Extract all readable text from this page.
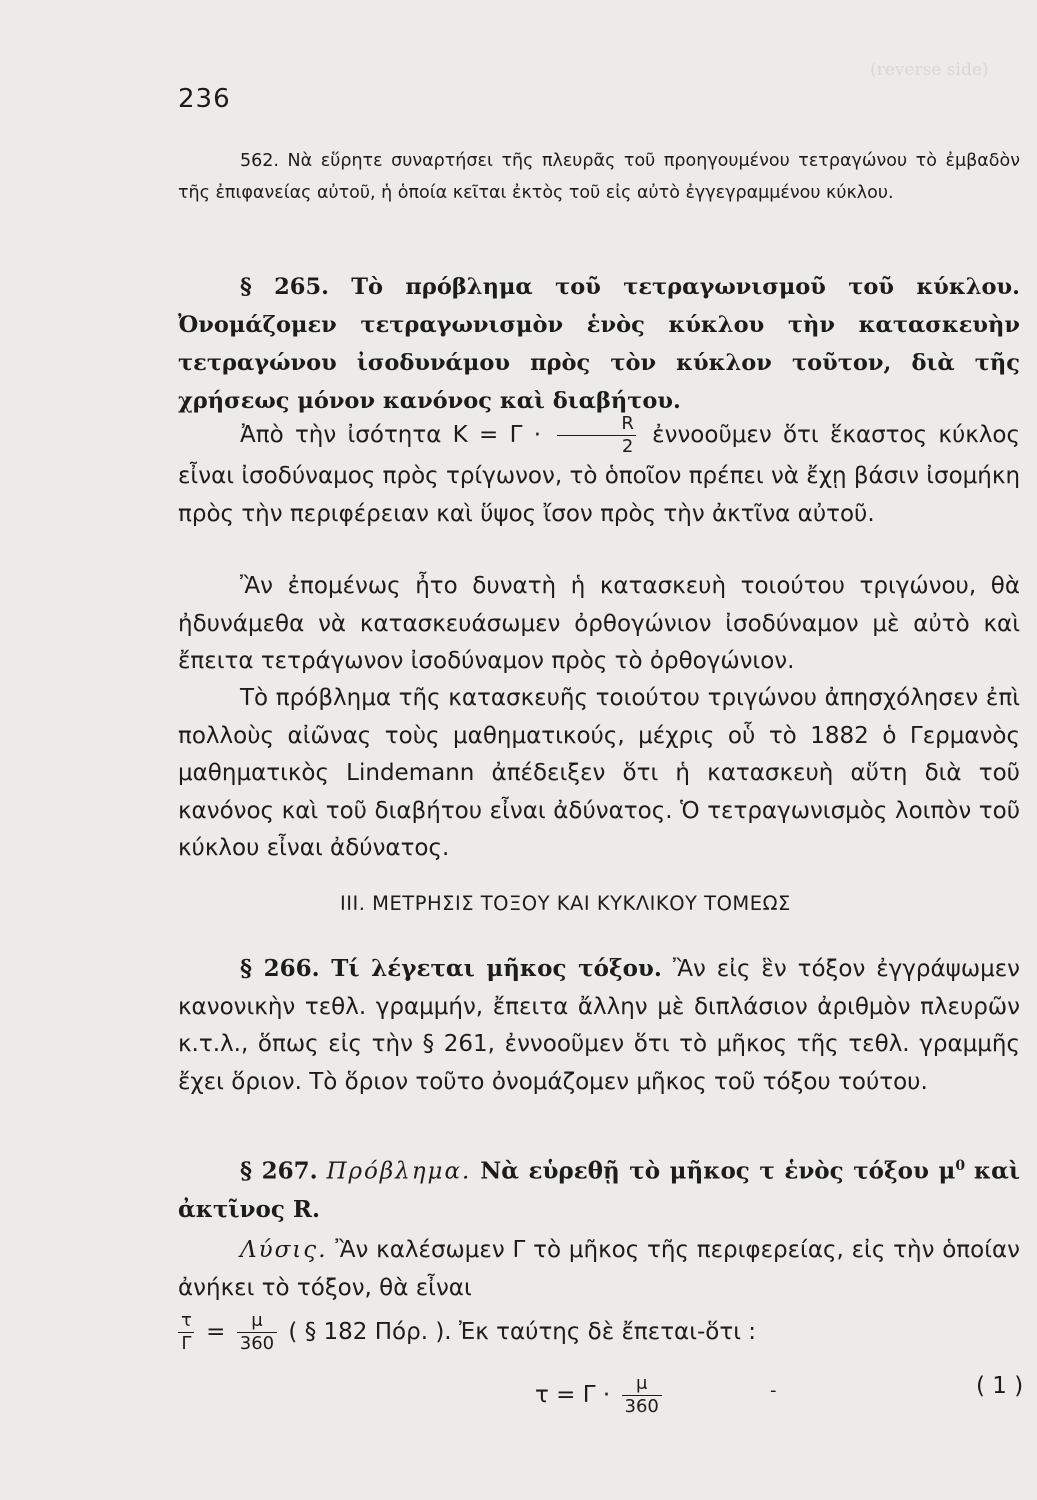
(reverse side)
236
562. Νὰ εὕρητε συναρτήσει τῆς πλευρᾶς τοῦ προηγουμένου τετραγώνου τὸ ἐμβαδὸν τῆς ἐπιφανείας αὐτοῦ, ἡ ὁποία κεῖται ἐκτὸς τοῦ εἰς αὐτὸ ἐγγεγραμμένου κύκλου.
§ 265. Τὸ πρόβλημα τοῦ τετραγωνισμοῦ τοῦ κύκλου. Ὀνομάζομεν τετραγωνισμὸν ἑνὸς κύκλου τὴν κατασκευὴν τετραγώνου ἰσοδυνάμου πρὸς τὸν κύκλον τοῦτον, διὰ τῆς χρήσεως μόνον κανόνος καὶ διαβήτου.
Ἀπὸ τὴν ἰσότητα $K = \Gamma \cdot \frac{R}{2}$ ἐννοοῦμεν ὅτι ἕκαστος κύκλος εἶναι ἰσοδύναμος πρὸς τρίγωνον, τὸ ὁποῖον πρέπει νὰ ἔχῃ βάσιν ἰσομήκη πρὸς τὴν περιφέρειαν καὶ ὕψος ἴσον πρὸς τὴν ἀκτῖνα αὐτοῦ.
Ἂν ἐπομένως ἦτο δυνατὴ ἡ κατασκευὴ τοιούτου τριγώνου, θὰ ἠδυνάμεθα νὰ κατασκευάσωμεν ὀρθογώνιον ἰσοδύναμον μὲ αὐτὸ καὶ ἔπειτα τετράγωνον ἰσοδύναμον πρὸς τὸ ὀρθογώνιον.
Τὸ πρόβλημα τῆς κατασκευῆς τοιούτου τριγώνου ἀπησχόλησεν ἐπὶ πολλοὺς αἰῶνας τοὺς μαθηματικούς, μέχρις οὗ τὸ 1882 ὁ Γερμανὸς μαθηματικὸς Lindemann ἀπέδειξεν ὅτι ἡ κατασκευὴ αὕτη διὰ τοῦ κανόνος καὶ τοῦ διαβήτου εἶναι ἀδύνατος. Ὁ τετραγωνισμὸς λοιπὸν τοῦ κύκλου εἶναι ἀδύνατος.
ΙΙΙ. ΜΕΤΡΗΣΙΣ ΤΟΞΟΥ ΚΑΙ ΚΥΚΛΙΚΟΥ ΤΟΜΕΩΣ
§ 266. Τί λέγεται μῆκος τόξου. Ἂν εἰς ἓν τόξον ἐγγράψωμεν κανονικὴν τεθλ. γραμμήν, ἔπειτα ἄλλην μὲ διπλάσιον ἀριθμὸν πλευρῶν κ.τ.λ., ὅπως εἰς τὴν § 261, ἐννοοῦμεν ὅτι τὸ μῆκος τῆς τεθλ. γραμμῆς ἔχει ὅριον. Τὸ ὅριον τοῦτο ὀνομάζομεν μῆκος τοῦ τόξου τούτου.
§ 267. Πρόβλημα. Νὰ εὑρεθῇ τὸ μῆκος τ ἑνὸς τόξου $\mu^0$ καὶ ἀκτῖνος R.
Λύσις. Ἂν καλέσωμεν Γ τὸ μῆκος τῆς περιφερείας, εἰς τὴν ὁποίαν ἀνήκει τὸ τόξον, θὰ εἶναι
$\frac{\tau}{\Gamma} = \frac{\mu}{360}$ ( § 182 Πόρ. ). Ἐκ ταύτης δὲ ἔπεται-ὅτι :
$\tau = \Gamma \cdot \frac{\mu}{360}$	-	( 1 )
